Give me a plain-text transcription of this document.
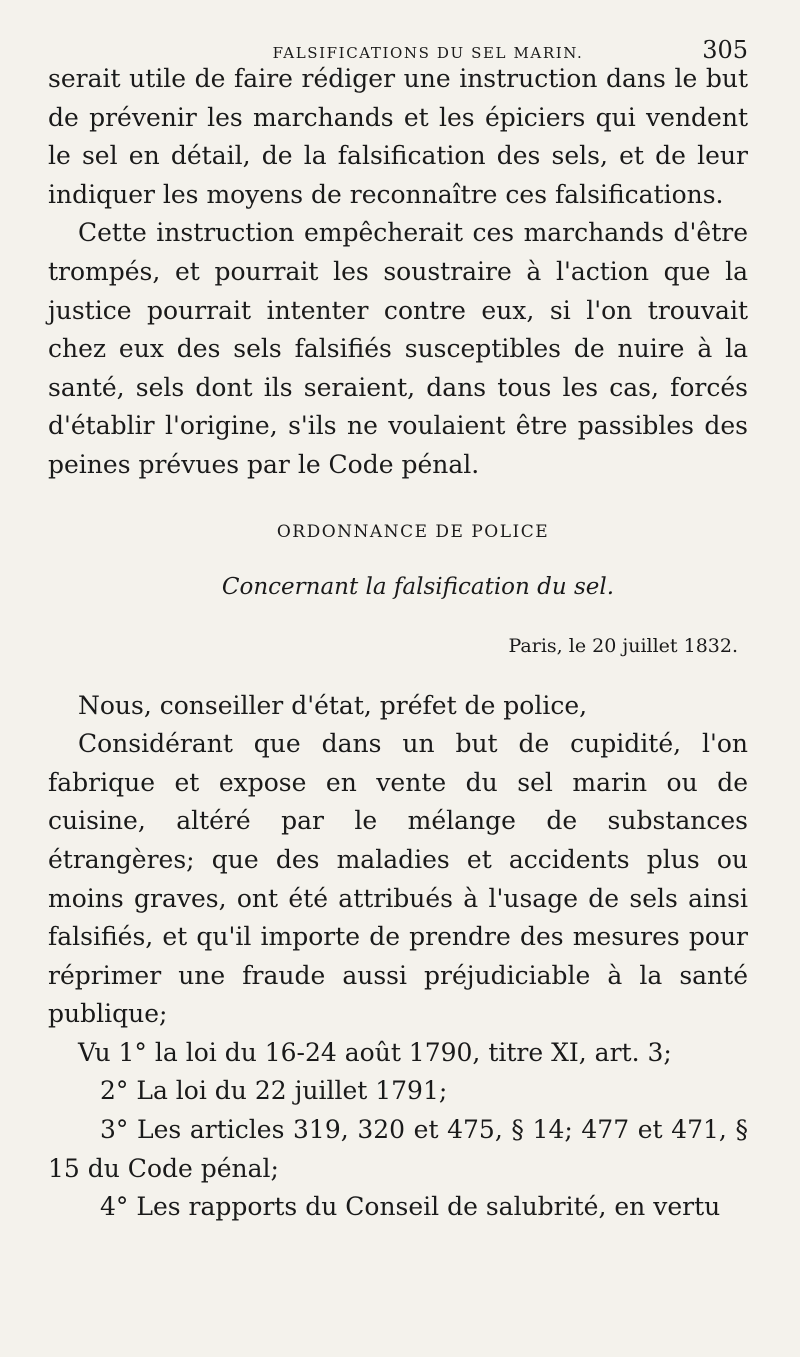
FALSIFICATIONS DU SEL MARIN.	305

serait utile de faire rédiger une instruction dans le but de prévenir les marchands et les épiciers qui vendent le sel en détail, de la falsification des sels, et de leur indiquer les moyens de reconnaître ces falsifications.

Cette instruction empêcherait ces marchands d'être trompés, et pourrait les soustraire à l'action que la justice pourrait intenter contre eux, si l'on trouvait chez eux des sels falsifiés susceptibles de nuire à la santé, sels dont ils seraient, dans tous les cas, forcés d'établir l'origine, s'ils ne voulaient être passibles des peines prévues par le Code pénal.

ORDONNANCE DE POLICE
Concernant la falsification du sel.
Paris, le 20 juillet 1832.

Nous, conseiller d'état, préfet de police,

Considérant que dans un but de cupidité, l'on fabrique et expose en vente du sel marin ou de cuisine, altéré par le mélange de substances étrangères; que des maladies et accidents plus ou moins graves, ont été attribués à l'usage de sels ainsi falsifiés, et qu'il importe de prendre des mesures pour réprimer une fraude aussi préjudiciable à la santé publique;

Vu 1° la loi du 16-24 août 1790, titre XI, art. 3;

2° La loi du 22 juillet 1791;

3° Les articles 319, 320 et 475, § 14; 477 et 471, § 15 du Code pénal;

4° Les rapports du Conseil de salubrité, en vertu
